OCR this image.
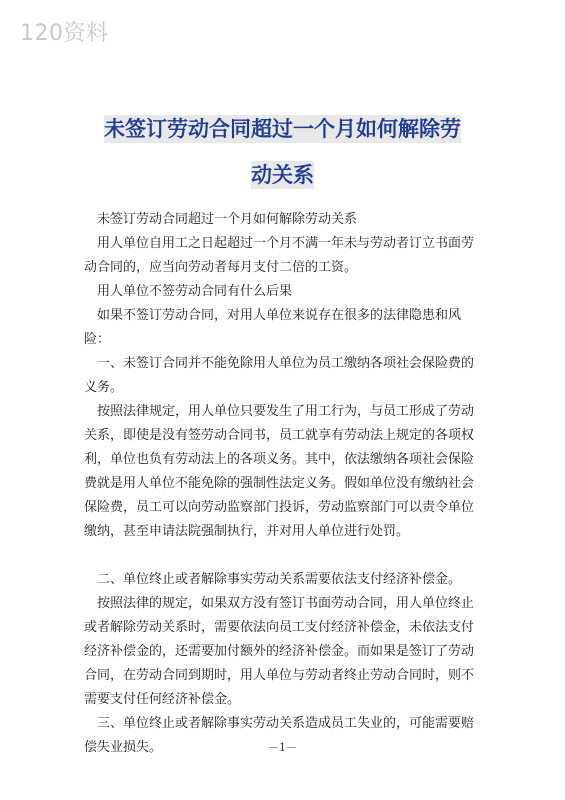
120资料
未签订劳动合同超过一个月如何解除劳
动关系

未签订劳动合同超过一个月如何解除劳动关系

用人单位自用工之日起超过一个月不满一年未与劳动者订立书面劳动合同的，应当向劳动者每月支付二倍的工资。

用人单位不签劳动合同有什么后果

如果不签订劳动合同，对用人单位来说存在很多的法律隐患和风险：

一、未签订合同并不能免除用人单位为员工缴纳各项社会保险费的义务。

按照法律规定，用人单位只要发生了用工行为，与员工形成了劳动关系，即使是没有签劳动合同书，员工就享有劳动法上规定的各项权利，单位也负有劳动法上的各项义务。其中，依法缴纳各项社会保险费就是用人单位不能免除的强制性法定义务。假如单位没有缴纳社会保险费，员工可以向劳动监察部门投诉，劳动监察部门可以责令单位缴纳，甚至申请法院强制执行，并对用人单位进行处罚。

二、单位终止或者解除事实劳动关系需要依法支付经济补偿金。

按照法律的规定，如果双方没有签订书面劳动合同，用人单位终止或者解除劳动关系时，需要依法向员工支付经济补偿金，未依法支付经济补偿金的，还需要加付额外的经济补偿金。而如果是签订了劳动合同，在劳动合同到期时，用人单位与劳动者终止劳动合同时，则不需要支付任何经济补偿金。

三、单位终止或者解除事实劳动关系造成员工失业的，可能需要赔偿失业损失。	－1－
